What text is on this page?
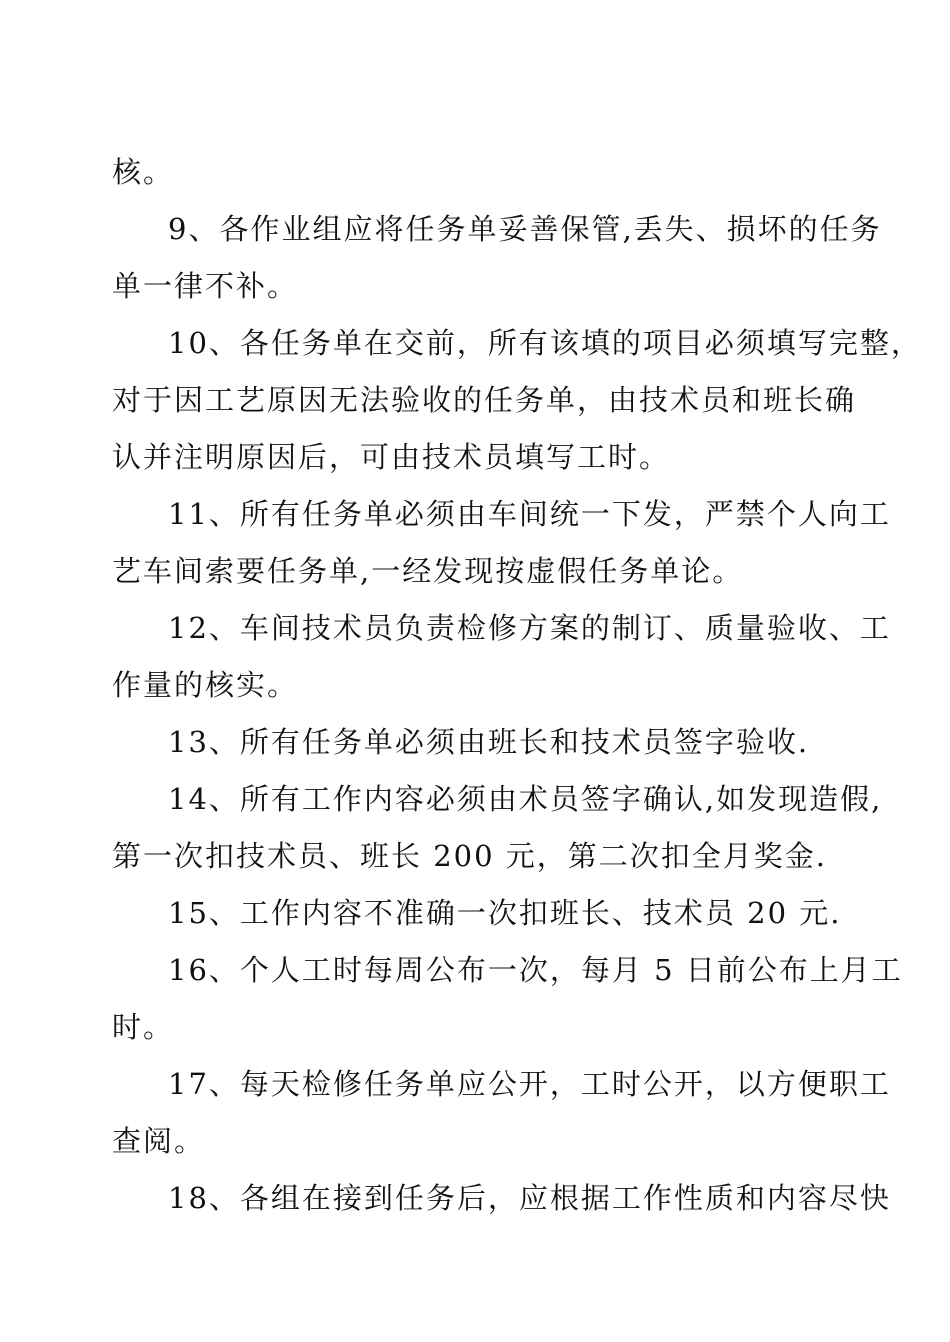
核。
9、各作业组应将任务单妥善保管,丢失、损坏的任务
单一律不补。
10、各任务单在交前，所有该填的项目必须填写完整，
对于因工艺原因无法验收的任务单，由技术员和班长确
认并注明原因后，可由技术员填写工时。
11、所有任务单必须由车间统一下发，严禁个人向工
艺车间索要任务单,一经发现按虚假任务单论。
12、车间技术员负责检修方案的制订、质量验收、工
作量的核实。
13、所有任务单必须由班长和技术员签字验收.
14、所有工作内容必须由术员签字确认,如发现造假,
第一次扣技术员、班长 200 元，第二次扣全月奖金.
15、工作内容不准确一次扣班长、技术员 20 元.
16、个人工时每周公布一次，每月 5 日前公布上月工
时。
17、每天检修任务单应公开，工时公开，以方便职工
查阅。
18、各组在接到任务后，应根据工作性质和内容尽快
